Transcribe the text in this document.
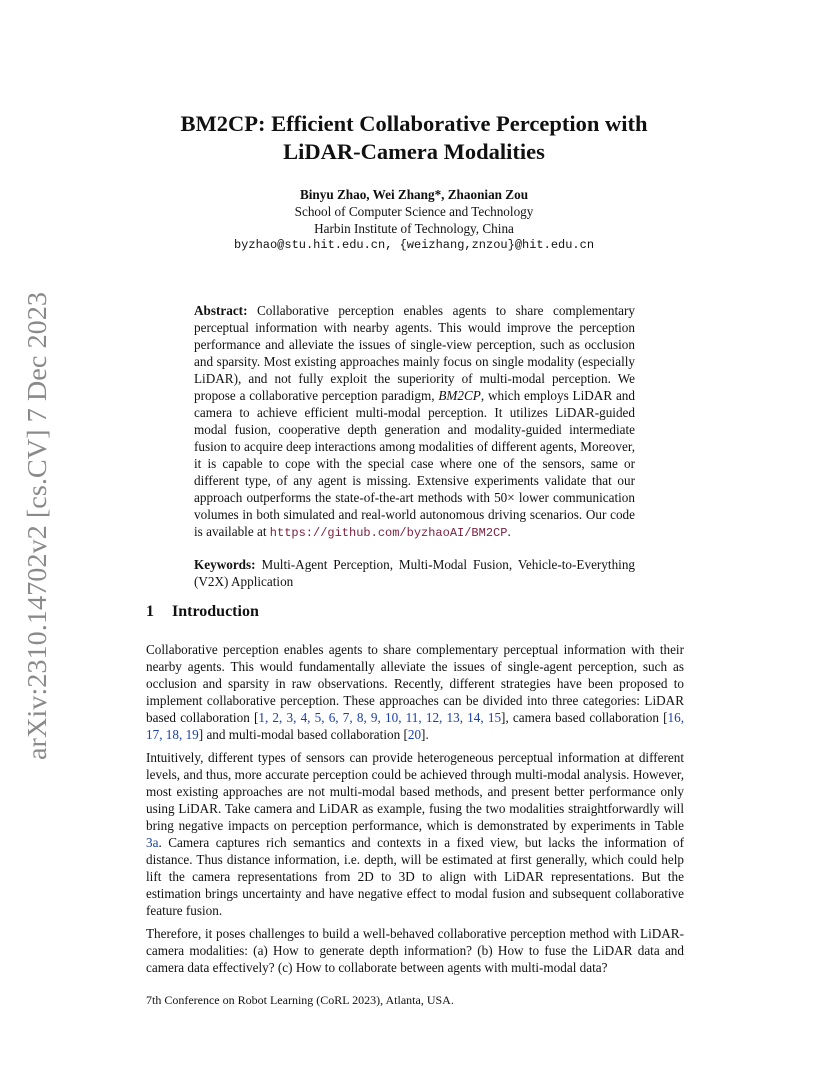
arXiv:2310.14702v2 [cs.CV] 7 Dec 2023
BM2CP: Efficient Collaborative Perception with
LiDAR-Camera Modalities
Binyu Zhao, Wei Zhang*, Zhaonian Zou
School of Computer Science and Technology
Harbin Institute of Technology, China
byzhao@stu.hit.edu.cn, {weizhang,znzou}@hit.edu.cn

Abstract: Collaborative perception enables agents to share complementary perceptual information with nearby agents. This would improve the perception performance and alleviate the issues of single-view perception, such as occlusion and sparsity. Most existing approaches mainly focus on single modality (especially LiDAR), and not fully exploit the superiority of multi-modal perception. We propose a collaborative perception paradigm, BM2CP, which employs LiDAR and camera to achieve efficient multi-modal perception. It utilizes LiDAR-guided modal fusion, cooperative depth generation and modality-guided intermediate fusion to acquire deep interactions among modalities of different agents, Moreover, it is capable to cope with the special case where one of the sensors, same or different type, of any agent is missing. Extensive experiments validate that our approach outperforms the state-of-the-art methods with 50× lower communication volumes in both simulated and real-world autonomous driving scenarios. Our code is available at https://github.com/byzhaoAI/BM2CP.

Keywords: Multi-Agent Perception, Multi-Modal Fusion, Vehicle-to-Everything (V2X) Application

1 Introduction

Collaborative perception enables agents to share complementary perceptual information with their nearby agents. This would fundamentally alleviate the issues of single-agent perception, such as occlusion and sparsity in raw observations. Recently, different strategies have been proposed to implement collaborative perception. These approaches can be divided into three categories: LiDAR based collaboration [1, 2, 3, 4, 5, 6, 7, 8, 9, 10, 11, 12, 13, 14, 15], camera based collaboration [16, 17, 18, 19] and multi-modal based collaboration [20].

Intuitively, different types of sensors can provide heterogeneous perceptual information at different levels, and thus, more accurate perception could be achieved through multi-modal analysis. However, most existing approaches are not multi-modal based methods, and present better performance only using LiDAR. Take camera and LiDAR as example, fusing the two modalities straightforwardly will bring negative impacts on perception performance, which is demonstrated by experiments in Table 3a. Camera captures rich semantics and contexts in a fixed view, but lacks the information of distance. Thus distance information, i.e. depth, will be estimated at first generally, which could help lift the camera representations from 2D to 3D to align with LiDAR representations. But the estimation brings uncertainty and have negative effect to modal fusion and subsequent collaborative feature fusion.

Therefore, it poses challenges to build a well-behaved collaborative perception method with LiDAR-camera modalities: (a) How to generate depth information? (b) How to fuse the LiDAR data and camera data effectively? (c) How to collaborate between agents with multi-modal data?

7th Conference on Robot Learning (CoRL 2023), Atlanta, USA.
